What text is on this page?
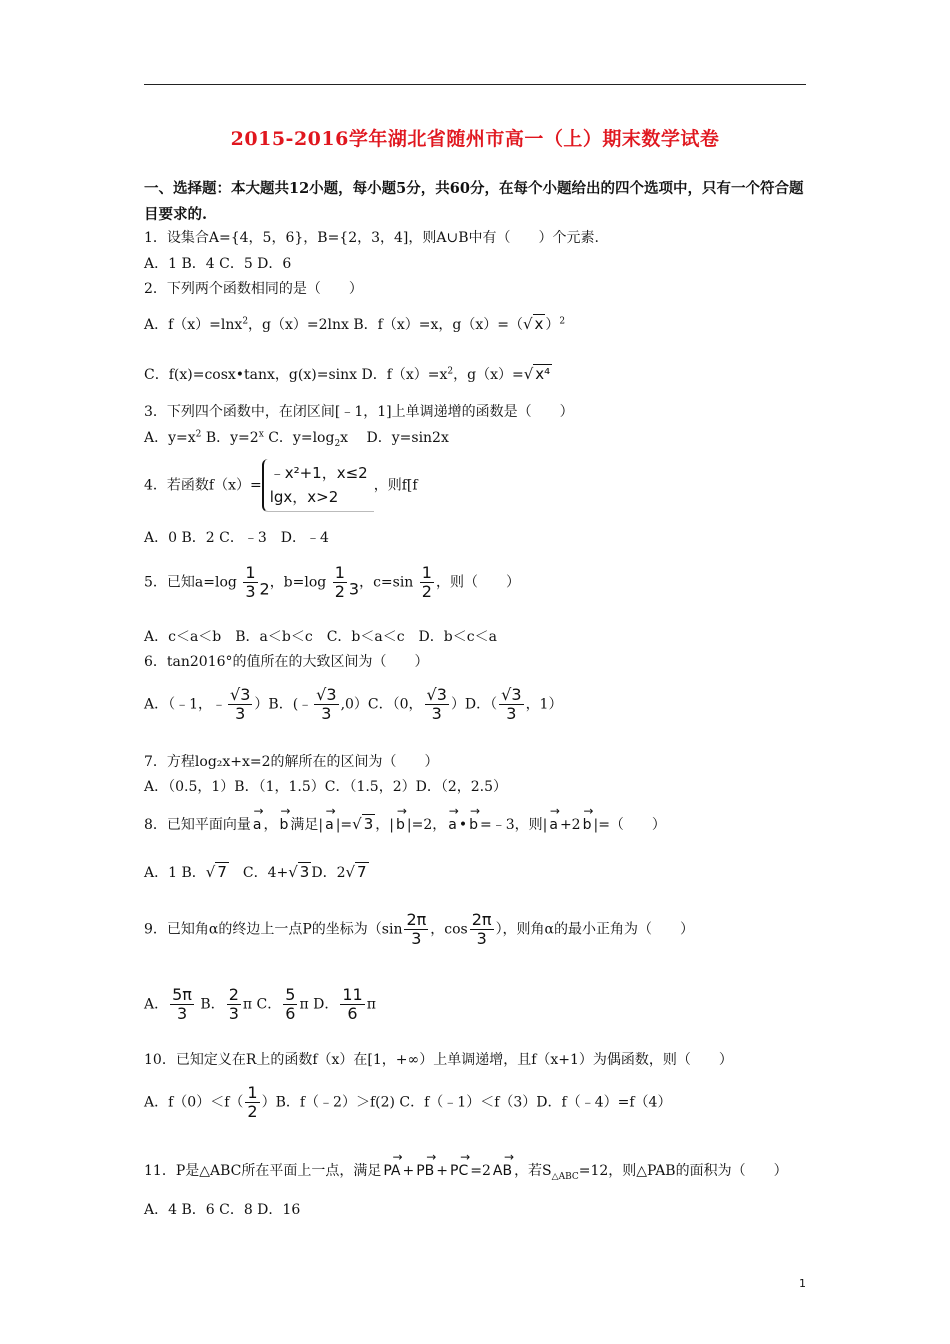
2015-2016学年湖北省随州市高一（上）期末数学试卷
一、选择题：本大题共12小题，每小题5分，共60分，在每个小题给出的四个选项中，只有一个符合题目要求的.
1．设集合A={4，5，6}，B={2，3，4]，则A∪B中有（　　）个元素.
A．1 B．4 C．5 D．6
2．下列两个函数相同的是（　　）
A．f（x）=lnx$^2$，g（x）=2lnx B．f（x）=x，g（x）=（√ x ）$^2$
C．f(x)=cosx•tanx，g(x)=sinx D．$f(x)=x^2$，g（x）=√ x⁴
3．下列四个函数中，在闭区间[﹣1，1]上单调递增的函数是（　　）
A．$y=x^2$ B．$y=2^x$ C．$y=\log_2x$　 D．y=sin2x
4．若函数f（x）=﹣x²+1，x≤2
lgx，x>2，则f[f
A．0 B．2 C．﹣3　D．﹣4
5．已知$a=\log \frac{1}{3} 2$，$b=\log \frac{1}{2} 3$，$c=\sin \frac{1}{2}$ ，则（　　）
A．c＜a＜b　B．a＜b＜c　C．b＜a＜c　D．b＜c＜a
6．tan2016°的值所在的大致区间为（　　）
A．（﹣1，﹣ $\frac{√3}{3} )B$．(﹣ $\frac{√3}{3} ,0)C$．（0， $\frac{√3}{3} )D$．（ $\frac{√3}{3}$ ，1）
7．方程log₂x+x=2的解所在的区间为（　　）
A．（0.5，1）B．（1，1.5）C．（1.5，2）D．（2，2.5）
8．已知平面向量 → a ， → b 满足| → a |=√ 3 ，| → b |=2， → a • → b =﹣3，则| → a +2 → b |=（　　）
A．1 B．√ 7　C．4+√ 3 D．2√ 7
9．已知角α的终边上一点P的坐标为（$\sin \frac{2\pi}{3}$ ，$\cos \frac{2\pi}{3}$ ），则角α的最小正角为（　　）
A． $\frac{5\pi}{3}$ B． $\frac{2}{3}$ π C． $\frac{5}{6}$ π D． $\frac{11}{6}$ π
10．已知定义在R上的函数f（x）在[1，+∞）上单调递增，且f（x+1）为偶函数，则（　　）
A．$f(0)<f( \frac{1}{2} )B$．f（﹣2）＞f(2) C．f（﹣1）＜f（3）D．f（﹣4）=f（4）
11．P是△ABC所在平面上一点，满足 → PA + → PB + → PC =2 → AB ，若$S_{\triangle ABC}=12$，则△PAB的面积为（　　）
A．4 B．6 C．8 D．16
1
